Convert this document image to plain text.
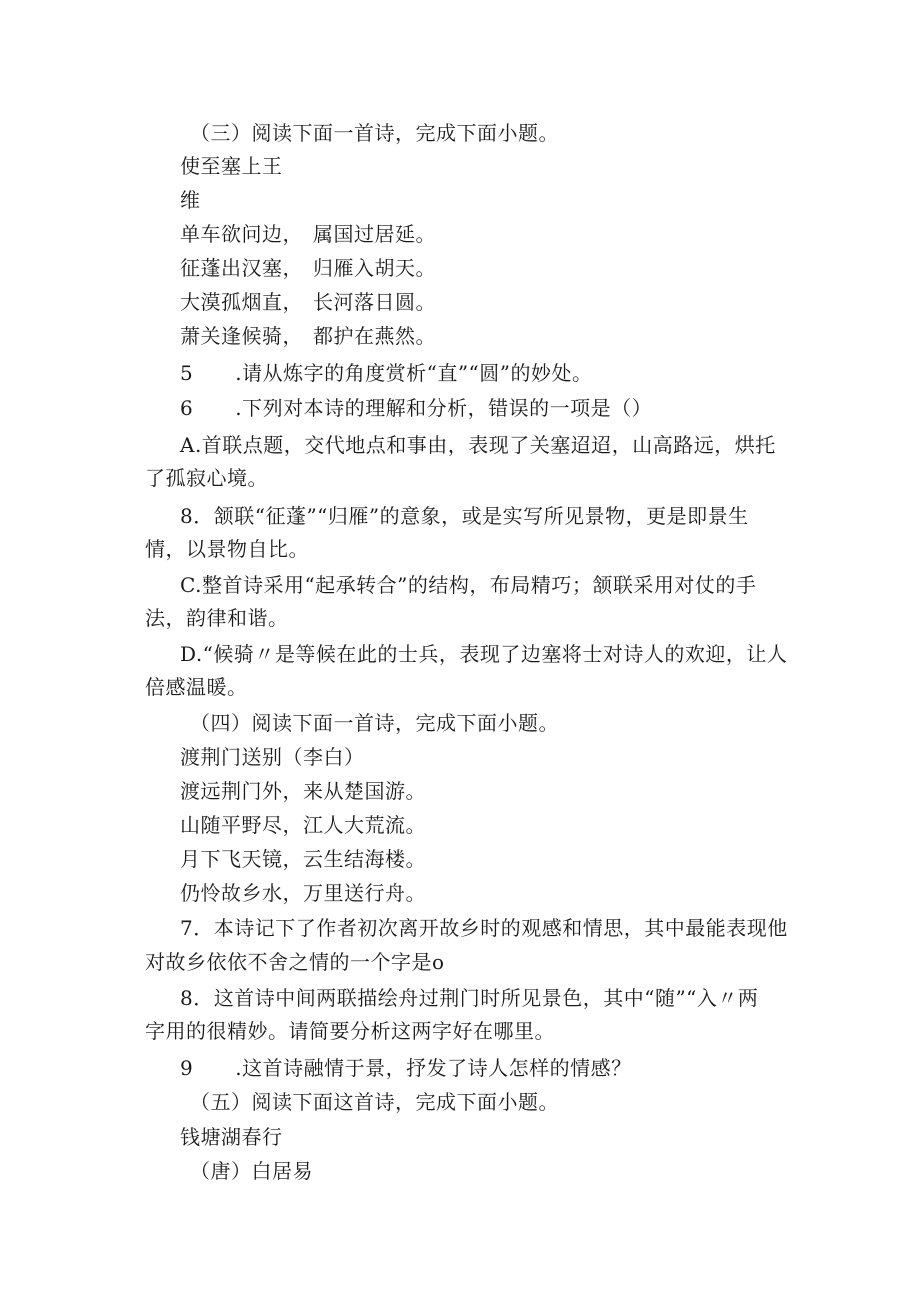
（三）阅读下面一首诗，完成下面小题。
使至塞上王
维
单车欲问边， 属国过居延。
征蓬出汉塞， 归雁入胡天。
大漠孤烟直， 长河落日圆。
萧关逢候骑， 都护在燕然。
5 .请从炼字的角度赏析“直”“圆”的妙处。
6 .下列对本诗的理解和分析，错误的一项是（）
A.首联点题，交代地点和事由，表现了关塞迢迢，山高路远，烘托
了孤寂心境。
8．颔联“征蓬”“归雁”的意象，或是实写所见景物，更是即景生
情，以景物自比。
C.整首诗采用“起承转合”的结构，布局精巧；颔联采用对仗的手
法，韵律和谐。
D.“候骑〃是等候在此的士兵，表现了边塞将士对诗人的欢迎，让人
倍感温暖。
（四）阅读下面一首诗，完成下面小题。
渡荆门送别（李白）
渡远荆门外，来从楚国游。
山随平野尽，江人大荒流。
月下飞天镜，云生结海楼。
仍怜故乡水，万里送行舟。
7．本诗记下了作者初次离开故乡时的观感和情思，其中最能表现他
对故乡依依不舍之情的一个字是o
8．这首诗中间两联描绘舟过荆门时所见景色，其中“随”“入〃两
字用的很精妙。请简要分析这两字好在哪里。
9 .这首诗融情于景，抒发了诗人怎样的情感？
（五）阅读下面这首诗，完成下面小题。
钱塘湖春行
（唐）白居易
